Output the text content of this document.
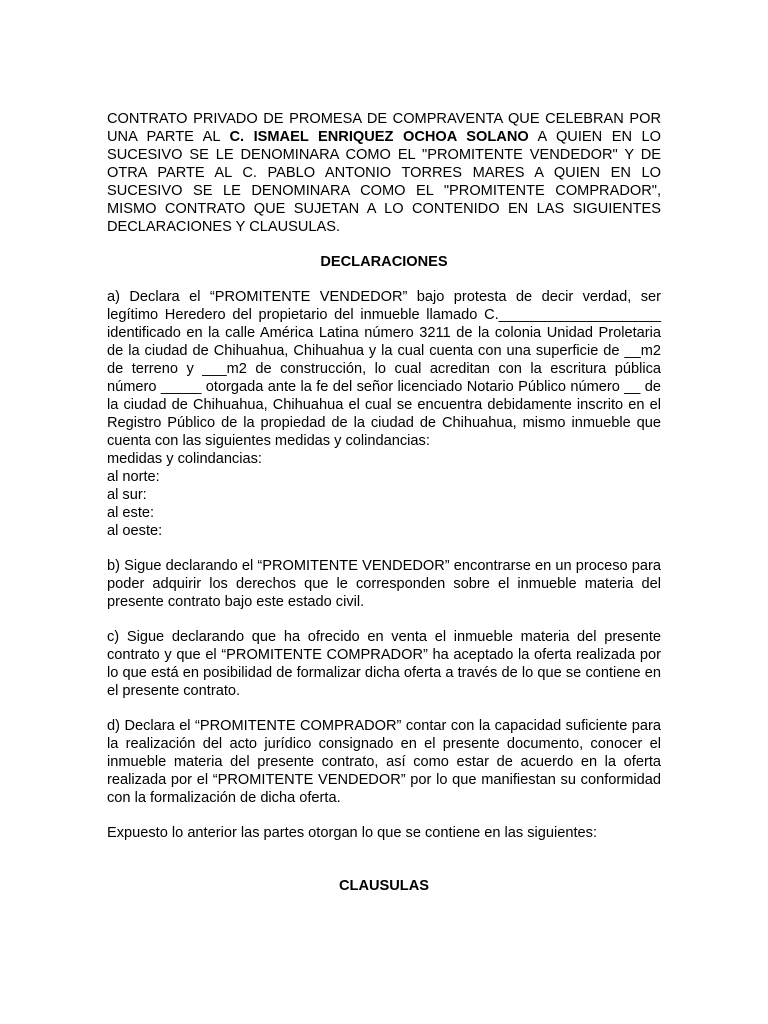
CONTRATO PRIVADO DE PROMESA DE COMPRAVENTA QUE CELEBRAN POR UNA PARTE AL C. ISMAEL ENRIQUEZ OCHOA SOLANO A QUIEN EN LO SUCESIVO SE LE DENOMINARA COMO EL "PROMITENTE VENDEDOR" Y DE OTRA PARTE AL C. PABLO ANTONIO TORRES MARES A QUIEN EN LO SUCESIVO SE LE DENOMINARA COMO EL "PROMITENTE COMPRADOR", MISMO CONTRATO QUE SUJETAN A LO CONTENIDO EN LAS SIGUIENTES DECLARACIONES Y CLAUSULAS.

DECLARACIONES

a) Declara el “PROMITENTE VENDEDOR” bajo protesta de decir verdad, ser legítimo Heredero del propietario del inmueble llamado C.____________________ identificado en la calle América Latina número 3211 de la colonia Unidad Proletaria de la ciudad de Chihuahua, Chihuahua y la cual cuenta con una superficie de __m2 de terreno y ___m2 de construcción, lo cual acreditan con la escritura pública número _____ otorgada ante la fe del señor licenciado Notario Público número __ de la ciudad de Chihuahua, Chihuahua el cual se encuentra debidamente inscrito en el Registro Público de la propiedad de la ciudad de Chihuahua, mismo inmueble que cuenta con las siguientes medidas y colindancias:

medidas y colindancias:
al norte:
al sur:
al este:
al oeste:

b) Sigue declarando el “PROMITENTE VENDEDOR” encontrarse en un proceso para poder adquirir los derechos que le corresponden sobre el inmueble materia del presente contrato bajo este estado civil.

c) Sigue declarando que ha ofrecido en venta el inmueble materia del presente contrato y que el “PROMITENTE COMPRADOR” ha aceptado la oferta realizada por lo que está en posibilidad de formalizar dicha oferta a través de lo que se contiene en el presente contrato.

d) Declara el “PROMITENTE COMPRADOR” contar con la capacidad suficiente para la realización del acto jurídico consignado en el presente documento, conocer el inmueble materia del presente contrato, así como estar de acuerdo en la oferta realizada por el “PROMITENTE VENDEDOR” por lo que manifiestan su conformidad con la formalización de dicha oferta.

Expuesto lo anterior las partes otorgan lo que se contiene en las siguientes:

CLAUSULAS
